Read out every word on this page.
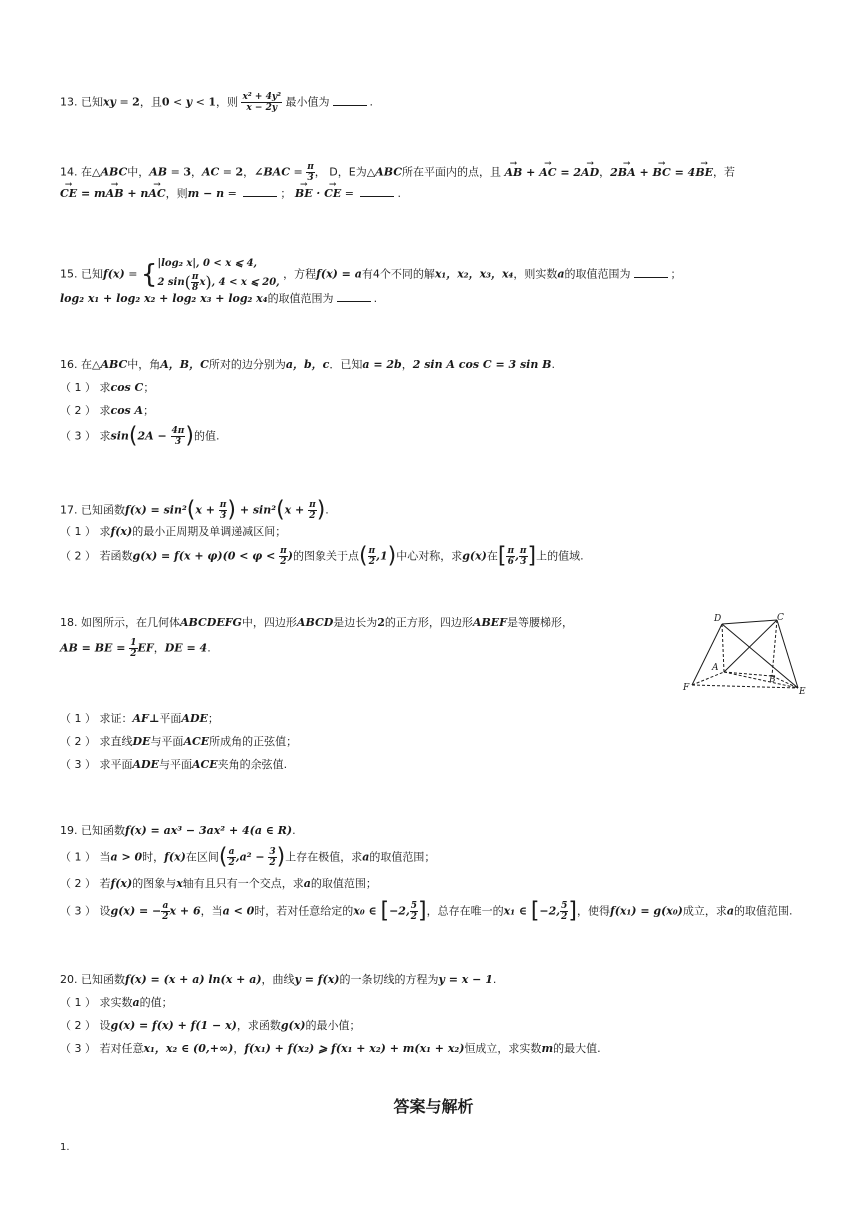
13. 已知xy = 2，且0 < y < 1，则 $\frac{\text{x² + 4y²}}{x - 2y}$ 最小值为	.
14. 在△ABC中，AB = 3，AC = 2，∠BAC = $\frac{\pi}{3}$ ， D，E为△ABC所在平面内的点，且 → AB + → AC = 2→ AD，2→ BA + → BC = 4→ BE，若
→ CE = m→ AB + n→ AC，则m − n =	； → BE · → CE =	.
15. 已知f(x) = { |log₂ x|, 0 < x ⩽ 4,
2 $\sin( \frac{\pi}{8} x)$, 4 < x ⩽ 20,
，方程f(x) = a有4个不同的解x₁，x₂，x₃，x₄，则实数a的取值范围为	；
log₂ x₁ + log₂ x₂ + log₂ x₃ + log₂ x₄的取值范围为	.
16. 在△ABC中，角A，B，C所对的边分别为a，b，c．已知a = 2b，2 sin A cos C = 3 sin B.
（ 1 ） 求cos C；
（ 2 ） 求cos A；
（ 3 ） 求$\sin(2A - \frac{4\pi}{3}$ )的值.
17. 已知函数$f(x) = \sin^2(x + \frac{\pi}{3}$ ) + $\sin^2(x + \frac{\pi}{2}$ ).
（ 1 ） 求f(x)的最小正周期及单调递减区间；
（ 2 ） 若函数$g(x) = f(x + \varphi)(0 < \varphi < \frac{\pi}{2}$ )的图象关于点( $\frac{\pi}{2} ,1$)中心对称，求g(x)在[ $\frac{\pi}{6}$ , $\frac{\pi}{3}$ ]上的值域.
18. 如图所示，在几何体ABCDEFG中，四边形ABCD是边长为2的正方形，四边形ABEF是等腰梯形，
AB = BE = $\frac{1}{2}$ EF，DE = 4.
（ 1 ） 求证：AF⊥平面ADE；
（ 2 ） 求直线DE与平面ACE所成角的正弦值；
（ 3 ） 求平面ADE与平面ACE夹角的余弦值.
D	C
A
B
F	E
19. 已知函数f(x) = ax³ − 3ax² + 4(a ∈ R).
（ 1 ） 当a > 0时，f(x)在区间( $\frac{a}{2} ,a^2 - \frac{3}{2}$ )上存在极值，求a的取值范围；
（ 2 ） 若f(x)的图象与x轴有且只有一个交点，求a的取值范围；
（ 3 ） 设g(x) = − $\frac{a}{2}$ x + 6，当a < 0时，若对任意给定的x₀ ∈ [−2, $\frac{5}{2}$ ]，总存在唯一的x₁ ∈ [−2, $\frac{5}{2}$ ]，使得f(x₁) = g(x₀)成立，求a的取值范围.
20. 已知函数f(x) = (x + a) ln(x + a)，曲线y = f(x)的一条切线的方程为y = x − 1.
（ 1 ） 求实数a的值；
（ 2 ） 设g(x) = f(x) + f(1 − x)，求函数g(x)的最小值；
（ 3 ） 若对任意x₁，x₂ ∈ (0,+∞)，f(x₁) + f(x₂) ⩾ f(x₁ + x₂) + m(x₁ + x₂)恒成立，求实数m的最大值.
答案与解析
1.
